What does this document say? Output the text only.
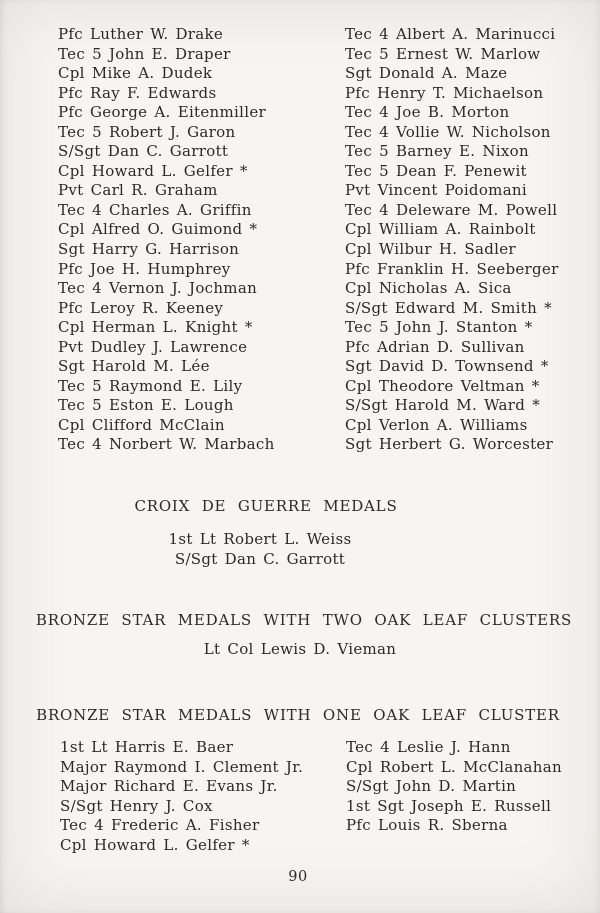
Pfc Luther W. Drake
Tec 5 John E. Draper
Cpl Mike A. Dudek
Pfc Ray F. Edwards
Pfc George A. Eitenmiller
Tec 5 Robert J. Garon
S/Sgt Dan C. Garrott
Cpl Howard L. Gelfer *
Pvt Carl R. Graham
Tec 4 Charles A. Griffin
Cpl Alfred O. Guimond *
Sgt Harry G. Harrison
Pfc Joe H. Humphrey
Tec 4 Vernon J. Jochman
Pfc Leroy R. Keeney
Cpl Herman L. Knight *
Pvt Dudley J. Lawrence
Sgt Harold M. Lée
Tec 5 Raymond E. Lily
Tec 5 Eston E. Lough
Cpl Clifford McClain
Tec 4 Norbert W. Marbach
Tec 4 Albert A. Marinucci
Tec 5 Ernest W. Marlow
Sgt Donald A. Maze
Pfc Henry T. Michaelson
Tec 4 Joe B. Morton
Tec 4 Vollie W. Nicholson
Tec 5 Barney E. Nixon
Tec 5 Dean F. Penewit
Pvt Vincent Poidomani
Tec 4 Deleware M. Powell
Cpl William A. Rainbolt
Cpl Wilbur H. Sadler
Pfc Franklin H. Seeberger
Cpl Nicholas A. Sica
S/Sgt Edward M. Smith *
Tec 5 John J. Stanton *
Pfc Adrian D. Sullivan
Sgt David D. Townsend *
Cpl Theodore Veltman *
S/Sgt Harold M. Ward *
Cpl Verlon A. Williams
Sgt Herbert G. Worcester
CROIX DE GUERRE MEDALS
1st Lt Robert L. Weiss
S/Sgt Dan C. Garrott
BRONZE STAR MEDALS WITH TWO OAK LEAF CLUSTERS
Lt Col Lewis D. Vieman
BRONZE STAR MEDALS WITH ONE OAK LEAF CLUSTER
1st Lt Harris E. Baer
Major Raymond I. Clement Jr.
Major Richard E. Evans Jr.
S/Sgt Henry J. Cox
Tec 4 Frederic A. Fisher
Cpl Howard L. Gelfer *
Tec 4 Leslie J. Hann
Cpl Robert L. McClanahan
S/Sgt John D. Martin
1st Sgt Joseph E. Russell
Pfc Louis R. Sberna
90
